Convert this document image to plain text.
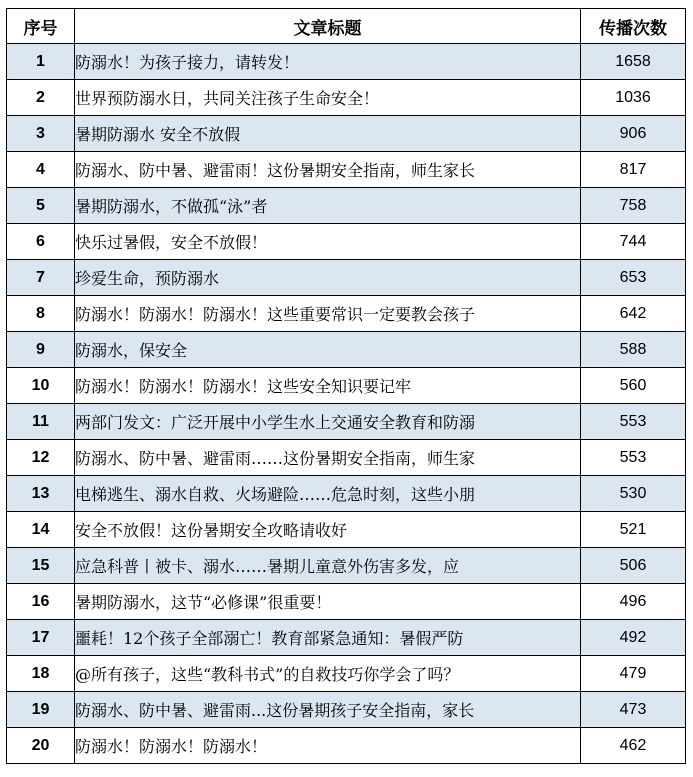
序号	文章标题	传播次数
1	防溺水！为孩子接力，请转发！	1658
2	世界预防溺水日，共同关注孩子生命安全！	1036
3	暑期防溺水 安全不放假	906
4	防溺水、防中暑、避雷雨！这份暑期安全指南，师生家长	817
5	暑期防溺水，不做孤“泳”者	758
6	快乐过暑假，安全不放假！	744
7	珍爱生命，预防溺水	653
8	防溺水！防溺水！防溺水！这些重要常识一定要教会孩子	642
9	防溺水，保安全	588
10	防溺水！防溺水！防溺水！这些安全知识要记牢	560
11	两部门发文：广泛开展中小学生水上交通安全教育和防溺	553
12	防溺水、防中暑、避雷雨……这份暑期安全指南，师生家	553
13	电梯逃生、溺水自救、火场避险……危急时刻，这些小朋	530
14	安全不放假！这份暑期安全攻略请收好	521
15	应急科普丨被卡、溺水……暑期儿童意外伤害多发，应	506
16	暑期防溺水，这节“必修课”很重要！	496
17	噩耗！12个孩子全部溺亡！教育部紧急通知：暑假严防	492
18	@所有孩子，这些“教科书式”的自救技巧你学会了吗？	479
19	防溺水、防中暑、避雷雨...这份暑期孩子安全指南，家长	473
20	防溺水！防溺水！防溺水！	462
